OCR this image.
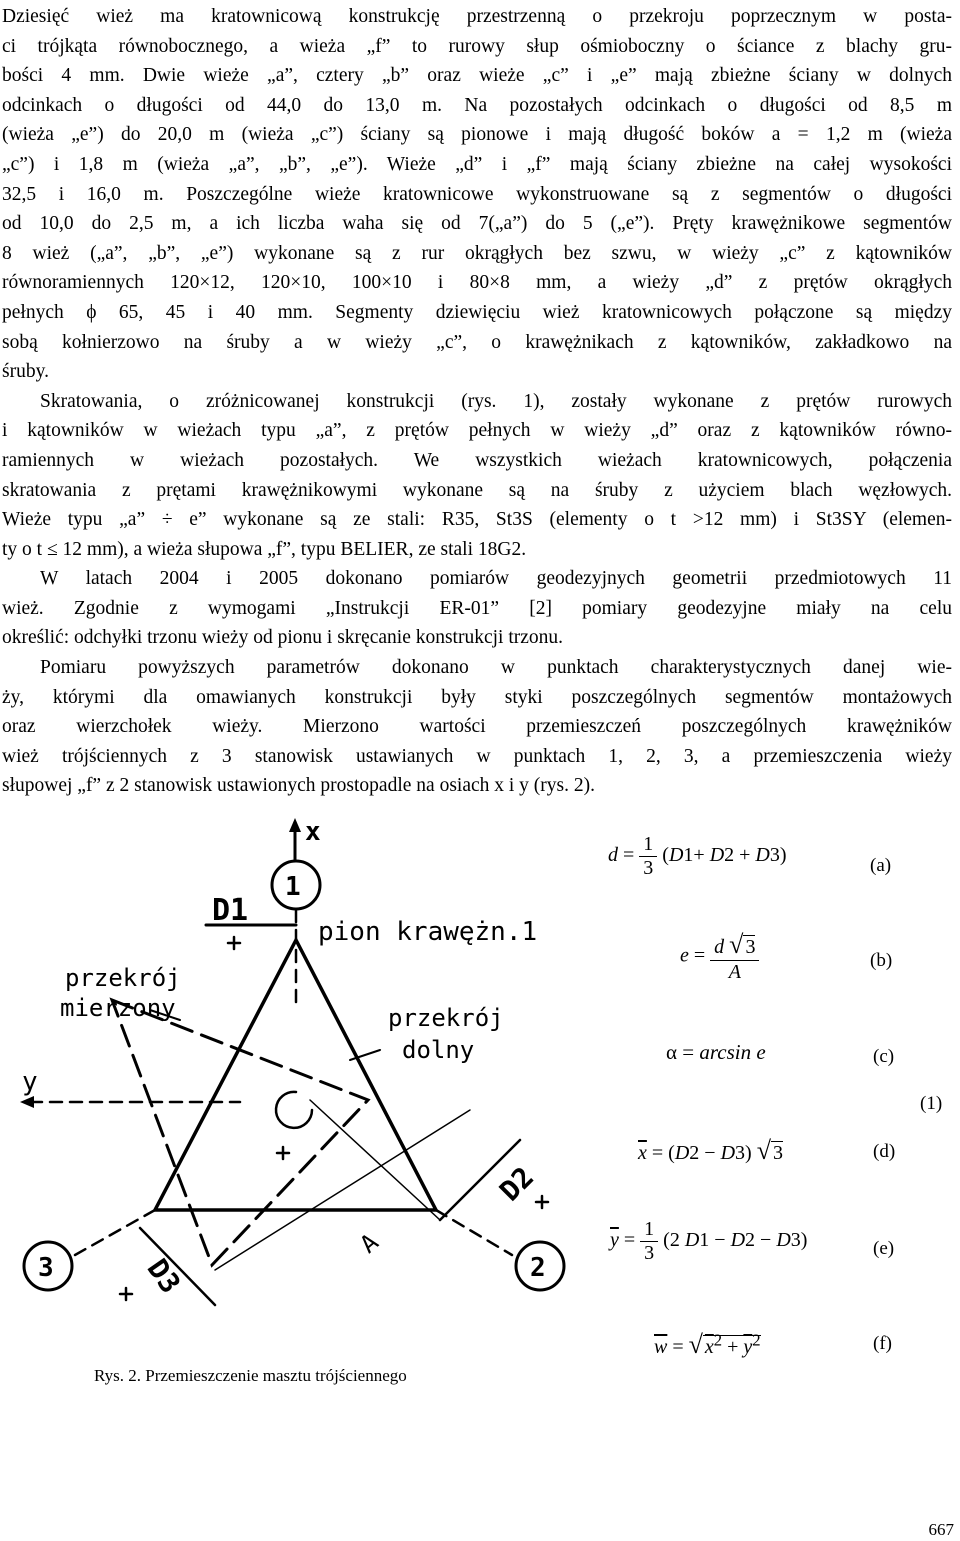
Dziesięć wież ma kratownicową konstrukcję przestrzenną o przekroju poprzecznym w posta-
ci trójkąta równobocznego, a wieża „f” to rurowy słup ośmioboczny o ściance z blachy gru-
bości 4 mm. Dwie wieże „a”, cztery „b” oraz wieże „c” i „e” mają zbieżne ściany w dolnych
odcinkach o długości od 44,0 do 13,0 m. Na pozostałych odcinkach o długości od 8,5 m
(wieża „e”) do 20,0 m (wieża „c”) ściany są pionowe i mają długość boków a = 1,2 m (wieża
„c”) i 1,8 m (wieża „a”, „b”, „e”). Wieże „d” i „f” mają ściany zbieżne na całej wysokości
32,5 i 16,0 m. Poszczególne wieże kratownicowe wykonstruowane są z segmentów o długości
od 10,0 do 2,5 m, a ich liczba waha się od 7(„a”) do 5 („e”). Pręty krawężnikowe segmentów
8 wież („a”, „b”, „e”) wykonane są z rur okrągłych bez szwu, w wieży „c” z kątowników
równoramiennych 120×12, 120×10, 100×10 i 80×8 mm, a wieży „d” z prętów okrągłych
pełnych ϕ 65, 45 i 40 mm. Segmenty dziewięciu wież kratownicowych połączone są między
sobą kołnierzowo na śruby a w wieży „c”, o krawężnikach z kątowników, zakładkowo na
śruby.

Skratowania, o zróżnicowanej konstrukcji (rys. 1), zostały wykonane z prętów rurowych
i kątowników w wieżach typu „a”, z prętów pełnych w wieży „d” oraz z kątowników równo-
ramiennych w wieżach pozostałych. We wszystkich wieżach kratownicowych, połączenia
skratowania z prętami krawężnikowymi wykonane są na śruby z użyciem blach węzłowych.
Wieże typu „a” ÷ e” wykonane są ze stali: R35, St3S (elementy o t >12 mm) i St3SY (elemen-
ty o t ≤ 12 mm), a wieża słupowa „f”, typu BELIER, ze stali 18G2.

W latach 2004 i 2005 dokonano pomiarów geodezyjnych geometrii przedmiotowych 11
wież. Zgodnie z wymogami „Instrukcji ER-01” [2] pomiary geodezyjne miały na celu
określić: odchyłki trzonu wieży od pionu i skręcanie konstrukcji trzonu.

Pomiaru powyższych parametrów dokonano w punktach charakterystycznych danej wie-
ży, którymi dla omawianych konstrukcji były styki poszczególnych segmentów montażowych
oraz wierzchołek wieży. Mierzono wartości przemieszczeń poszczególnych krawężników
wież trójściennych z 3 stanowisk ustawianych w punktach 1, 2, 3, a przemieszczenia wieży
słupowej „f” z 2 stanowisk ustawionych prostopadle na osiach x i y (rys. 2).

x
1
D1
pion krawężn.1
przekrój
mierzony	przekrój
dolny
y
D2
A
2
3	D3
Rys. 2. Przemieszczenie masztu trójściennego
$d = \frac{1}{3} (D1+ D2 + D3)$	(a)
$e = \frac{d √ 3}{A}$	(b)
α = arcsin e	(c)
(1)
$\overline{x} = (D2 - D3)$ √ 3	(d)
$\overline{y} = \frac{1}{3} (2$ D1 − D2 − D3)	(e)
$\overline{w}$ = √ $x^2 + \overline{y}^2$	(f)
667
